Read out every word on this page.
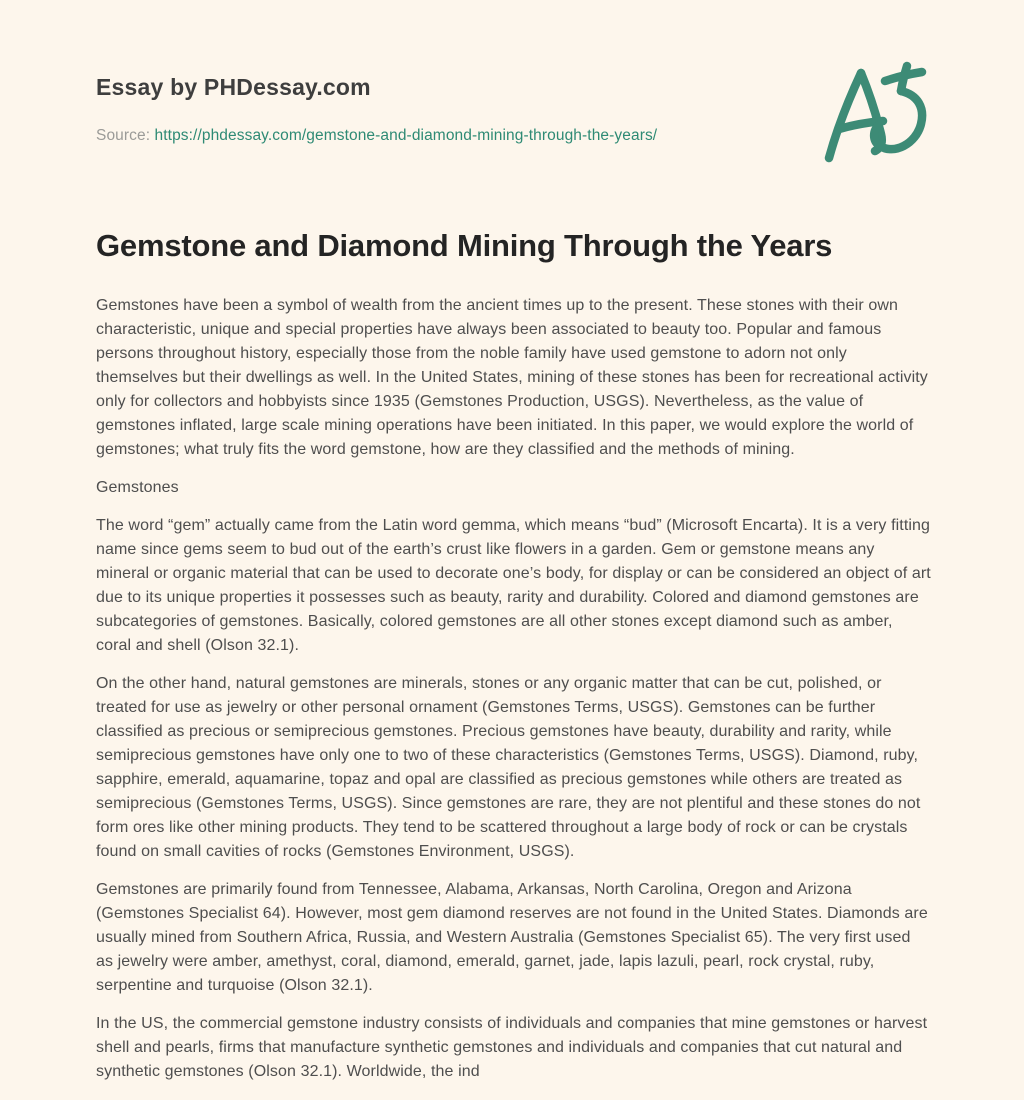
Essay by PHDessay.com
Source: https://phdessay.com/gemstone-and-diamond-mining-through-the-years/
Gemstone and Diamond Mining Through the Years

Gemstones have been a symbol of wealth from the ancient times up to the present. These stones with their own characteristic, unique and special properties have always been associated to beauty too. Popular and famous persons throughout history, especially those from the noble family have used gemstone to adorn not only themselves but their dwellings as well. In the United States, mining of these stones has been for recreational activity only for collectors and hobbyists since 1935 (Gemstones Production, USGS). Nevertheless, as the value of gemstones inflated, large scale mining operations have been initiated. In this paper, we would explore the world of gemstones; what truly fits the word gemstone, how are they classified and the methods of mining.

Gemstones

The word “gem” actually came from the Latin word gemma, which means “bud” (Microsoft Encarta). It is a very fitting name since gems seem to bud out of the earth’s crust like flowers in a garden. Gem or gemstone means any mineral or organic material that can be used to decorate one’s body, for display or can be considered an object of art due to its unique properties it possesses such as beauty, rarity and durability. Colored and diamond gemstones are subcategories of gemstones. Basically, colored gemstones are all other stones except diamond such as amber, coral and shell (Olson 32.1).

On the other hand, natural gemstones are minerals, stones or any organic matter that can be cut, polished, or treated for use as jewelry or other personal ornament (Gemstones Terms, USGS). Gemstones can be further classified as precious or semiprecious gemstones. Precious gemstones have beauty, durability and rarity, while semiprecious gemstones have only one to two of these characteristics (Gemstones Terms, USGS). Diamond, ruby, sapphire, emerald, aquamarine, topaz and opal are classified as precious gemstones while others are treated as semiprecious (Gemstones Terms, USGS). Since gemstones are rare, they are not plentiful and these stones do not form ores like other mining products. They tend to be scattered throughout a large body of rock or can be crystals found on small cavities of rocks (Gemstones Environment, USGS).

Gemstones are primarily found from Tennessee, Alabama, Arkansas, North Carolina, Oregon and Arizona (Gemstones Specialist 64). However, most gem diamond reserves are not found in the United States. Diamonds are usually mined from Southern Africa, Russia, and Western Australia (Gemstones Specialist 65). The very first used as jewelry were amber, amethyst, coral, diamond, emerald, garnet, jade, lapis lazuli, pearl, rock crystal, ruby, serpentine and turquoise (Olson 32.1).

In the US, the commercial gemstone industry consists of individuals and companies that mine gemstones or harvest shell and pearls, firms that manufacture synthetic gemstones and individuals and companies that cut natural and synthetic gemstones (Olson 32.1). Worldwide, the ind
